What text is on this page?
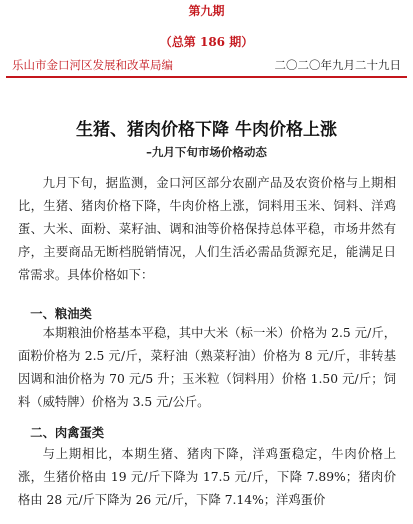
第九期
（总第 186 期）
乐山市金口河区发展和改革局编	二〇二〇年九月二十九日
生猪、猪肉价格下降 牛肉价格上涨
–九月下旬市场价格动态

九月下旬，据监测，金口河区部分农副产品及农资价格与上期相比，生猪、猪肉价格下降，牛肉价格上涨，饲料用玉米、饲料、洋鸡蛋、大米、面粉、菜籽油、调和油等价格保持总体平稳，市场井然有序，主要商品无断档脱销情况，人们生活必需品货源充足，能满足日常需求。具体价格如下：

一、粮油类

本期粮油价格基本平稳，其中大米（标一米）价格为 2.5 元/斤，面粉价格为 2.5 元/斤，菜籽油（熟菜籽油）价格为 8 元/斤，非转基因调和油价格为 70 元/5 升；玉米粒（饲料用）价格 1.50 元/斤；饲料（威特牌）价格为 3.5 元/公斤。

二、肉禽蛋类

与上期相比，本期生猪、猪肉下降，洋鸡蛋稳定，牛肉价格上涨，生猪价格由 19 元/斤下降为 17.5 元/斤，下降 7.89%；猪肉价格由 28 元/斤下降为 26 元/斤，下降 7.14%；洋鸡蛋价
